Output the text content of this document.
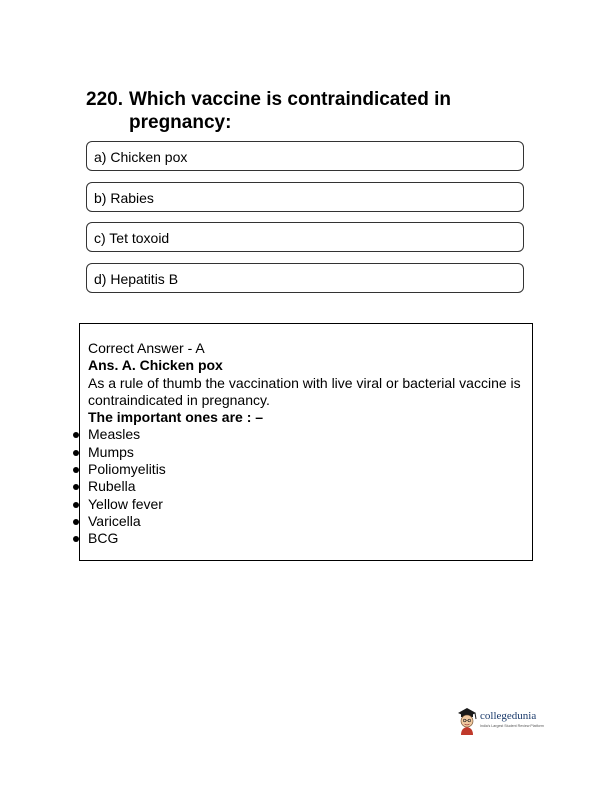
220. Which vaccine is contraindicated in pregnancy:
a) Chicken pox
b) Rabies
c) Tet toxoid
d) Hepatitis B
Correct Answer - A
Ans. A. Chicken pox
As a rule of thumb the vaccination with live viral or bacterial vaccine is contraindicated in pregnancy.
The important ones are : –
Measles
Mumps
Poliomyelitis
Rubella
Yellow fever
Varicella
BCG
collegedunia
India's Largest Student Review Platform
